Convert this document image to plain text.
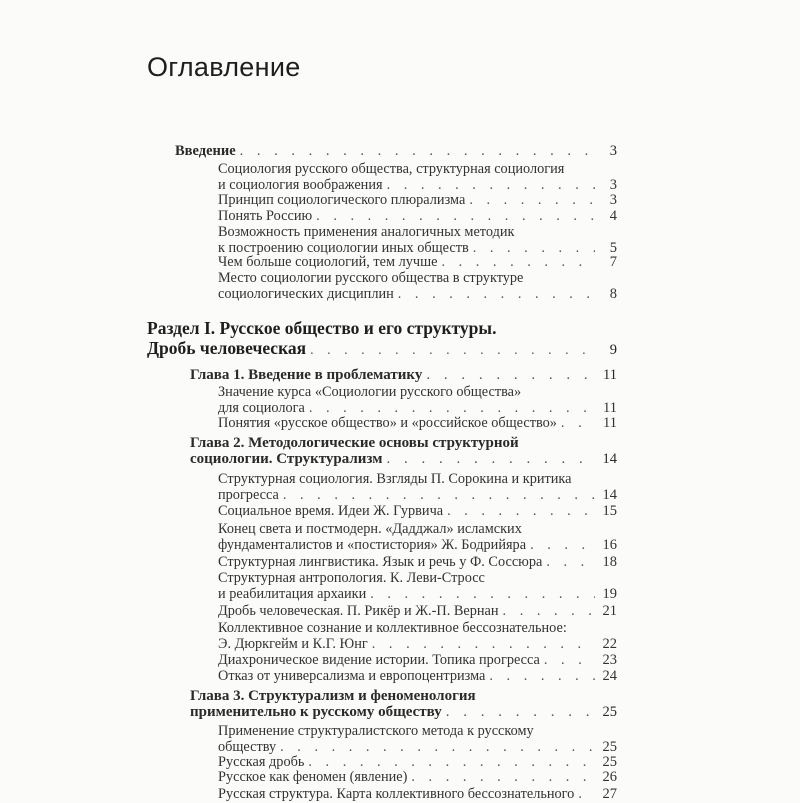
Оглавление
Введение . . .	3
Социология русского общества, структурная социология
и социология воображения . . .	3
Принцип социологического плюрализма . . .	3
Понять Россию . . .	4
Возможность применения аналогичных методик
к построению социологии иных обществ . . .	5
Чем больше социологий, тем лучше . . .	7
Место социологии русского общества в структуре
социологических дисциплин . . .	8
Раздел I. Русское общество и его структуры.
Дробь человеческая . . .	9
Глава 1. Введение в проблематику . . .	11
Значение курса «Социологии русского общества»
для социолога . . .	11
Понятия «русское общество» и «российское общество» . . .	11
Глава 2. Методологические основы структурной
социологии. Структурализм . . .	14
Структурная социология. Взгляды П. Сорокина и критика
прогресса . . .	14
Социальное время. Идеи Ж. Гурвича . . .	15
Конец света и постмодерн. «Дадджал» исламских
фундаменталистов и «постистория» Ж. Бодрийяра . . .	16
Структурная лингвистика. Язык и речь у Ф. Соссюра . . .	18
Структурная антропология. К. Леви-Стросс
и реабилитация архаики . . .	19
Дробь человеческая. П. Рикёр и Ж.-П. Вернан . . .	21
Коллективное сознание и коллективное бессознательное:
Э. Дюркгейм и К.Г. Юнг . . .	22
Диахроническое видение истории. Топика прогресса . . .	23
Отказ от универсализма и европоцентризма . . .	24
Глава 3. Структурализм и феноменология
применительно к русскому обществу . . .	25
Применение структуралистского метода к русскому
обществу . . .	25
Русская дробь . . .	25
Русское как феномен (явление) . . .	26
Русская структура. Карта коллективного бессознательного . . . 27
